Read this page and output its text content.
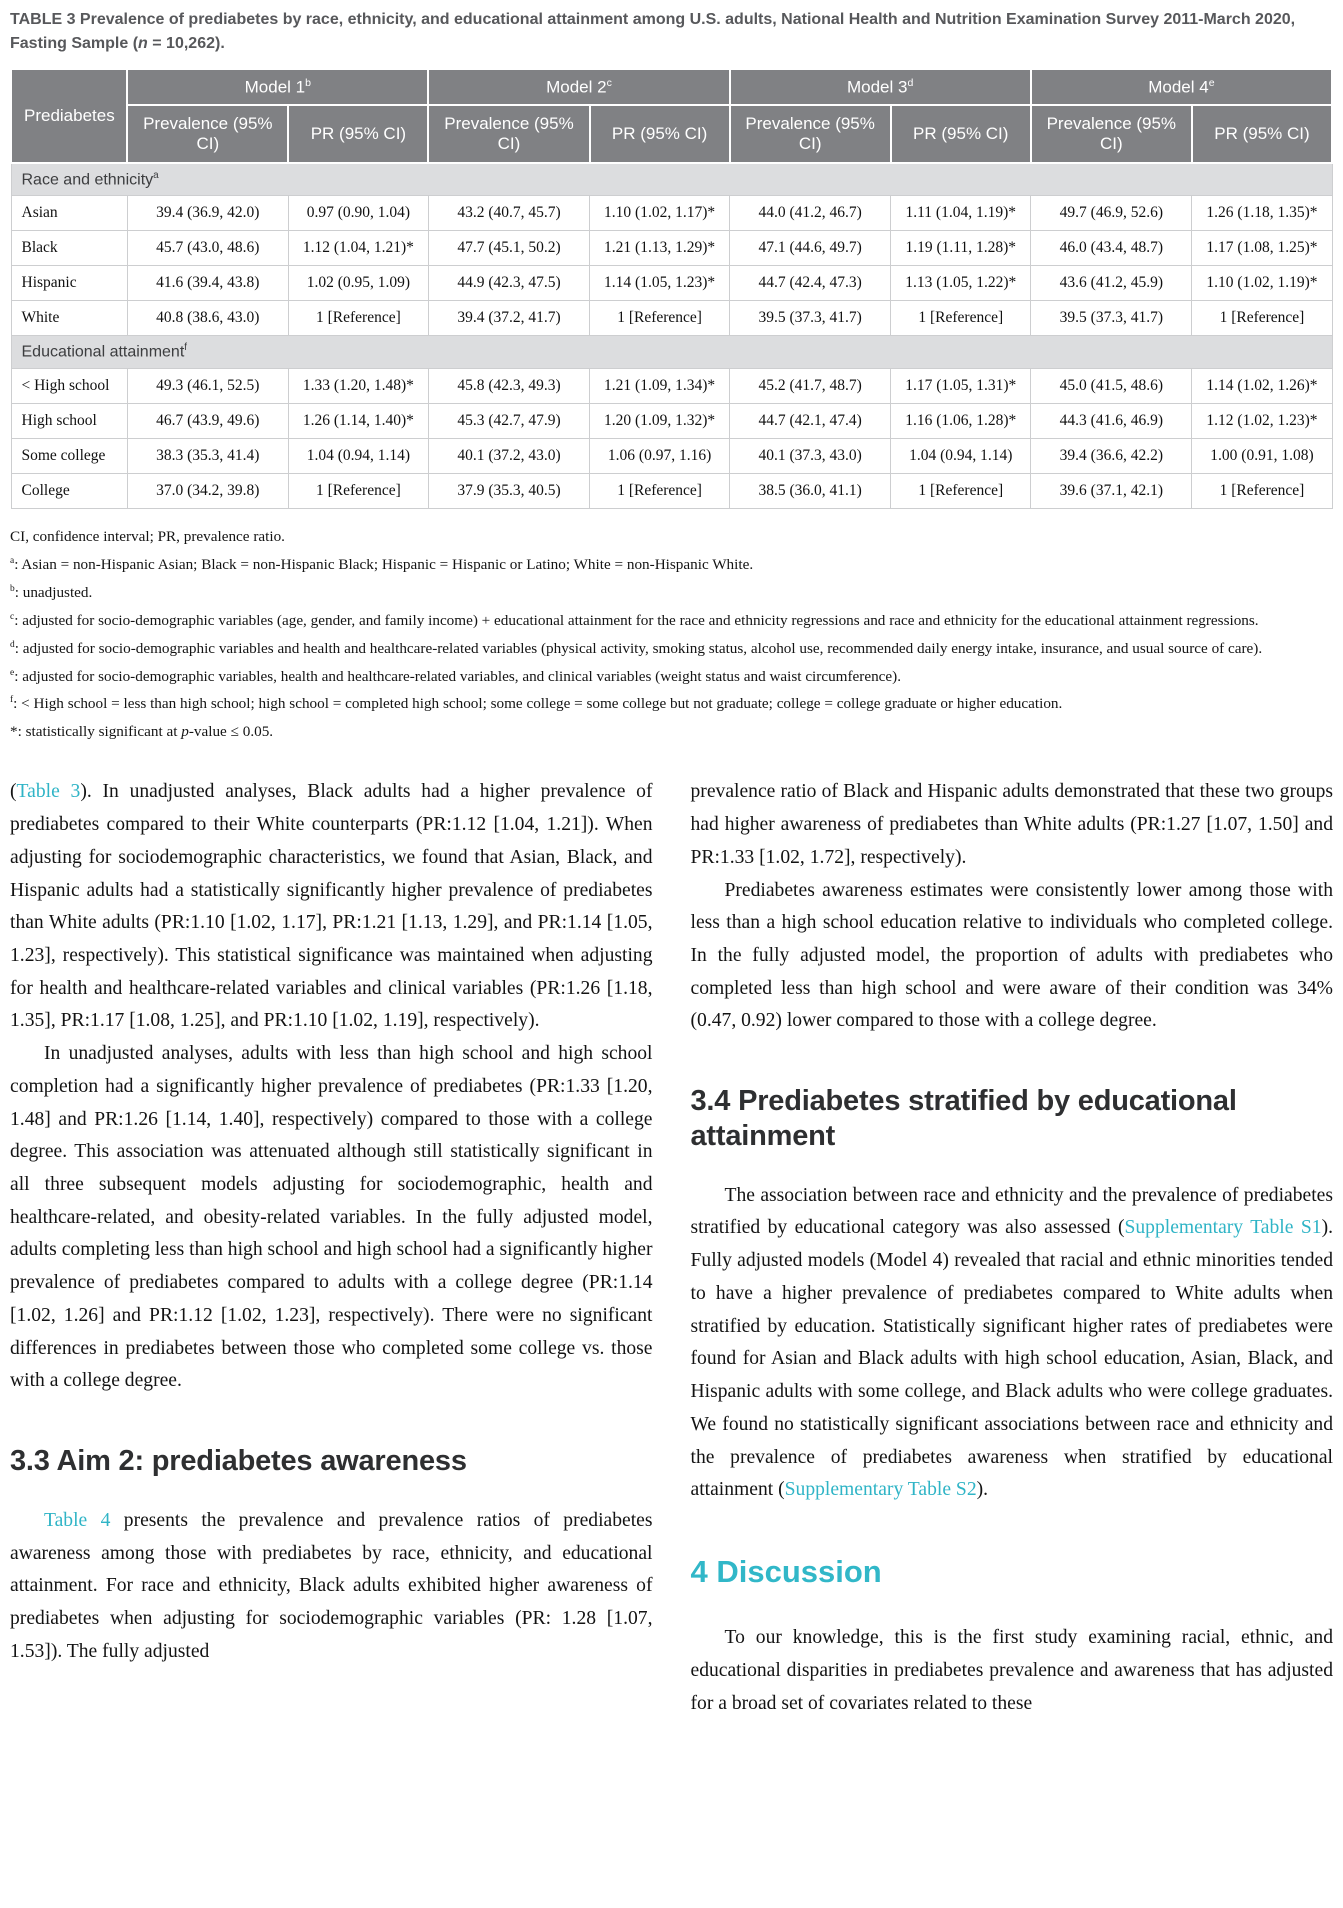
TABLE 3 Prevalence of prediabetes by race, ethnicity, and educational attainment among U.S. adults, National Health and Nutrition Examination Survey 2011-March 2020, Fasting Sample (n = 10,262).
Prediabetes	Model 1$^b$		Model 2$^c$		Model 3$^d$		Model 4e
	Prevalence (95% CI)	PR (95% CI)	Prevalence (95% CI)	PR (95% CI)	Prevalence (95% CI)	PR (95% CI)	Prevalence (95% CI)	PR (95% CI)
Race and ethnicity$^a$
Asian	39.4 (36.9, 42.0)	0.97 (0.90, 1.04)	43.2 (40.7, 45.7)	1.10 (1.02, 1.17)*	44.0 (41.2, 46.7)	1.11 (1.04, 1.19)*	49.7 (46.9, 52.6)	1.26 (1.18, 1.35)*
Black	45.7 (43.0, 48.6)	1.12 (1.04, 1.21)*	47.7 (45.1, 50.2)	1.21 (1.13, 1.29)*	47.1 (44.6, 49.7)	1.19 (1.11, 1.28)*	46.0 (43.4, 48.7)	1.17 (1.08, 1.25)*
Hispanic	41.6 (39.4, 43.8)	1.02 (0.95, 1.09)	44.9 (42.3, 47.5)	1.14 (1.05, 1.23)*	44.7 (42.4, 47.3)	1.13 (1.05, 1.22)*	43.6 (41.2, 45.9)	1.10 (1.02, 1.19)*
White	40.8 (38.6, 43.0)	1 [Reference]	39.4 (37.2, 41.7)	1 [Reference]	39.5 (37.3, 41.7)	1 [Reference]	39.5 (37.3, 41.7)	1 [Reference]
Educational attainment$^f$
< High school	49.3 (46.1, 52.5)	1.33 (1.20, 1.48)*	45.8 (42.3, 49.3)	1.21 (1.09, 1.34)*	45.2 (41.7, 48.7)	1.17 (1.05, 1.31)*	45.0 (41.5, 48.6)	1.14 (1.02, 1.26)*
High school	46.7 (43.9, 49.6)	1.26 (1.14, 1.40)*	45.3 (42.7, 47.9)	1.20 (1.09, 1.32)*	44.7 (42.1, 47.4)	1.16 (1.06, 1.28)*	44.3 (41.6, 46.9)	1.12 (1.02, 1.23)*
Some college	38.3 (35.3, 41.4)	1.04 (0.94, 1.14)	40.1 (37.2, 43.0)	1.06 (0.97, 1.16)	40.1 (37.3, 43.0)	1.04 (0.94, 1.14)	39.4 (36.6, 42.2)	1.00 (0.91, 1.08)
College	37.0 (34.2, 39.8)	1 [Reference]	37.9 (35.3, 40.5)	1 [Reference]	38.5 (36.0, 41.1)	1 [Reference]	39.6 (37.1, 42.1)	1 [Reference]
CI, confidence interval; PR, prevalence ratio.
$^a$: Asian = non-Hispanic Asian; Black = non-Hispanic Black; Hispanic = Hispanic or Latino; White = non-Hispanic White.
$^b$: unadjusted.
$^c$: adjusted for socio-demographic variables (age, gender, and family income) + educational attainment for the race and ethnicity regressions and race and ethnicity for the educational attainment regressions.
$^d$: adjusted for socio-demographic variables and health and healthcare-related variables (physical activity, smoking status, alcohol use, recommended daily energy intake, insurance, and usual source of care).
$^e$: adjusted for socio-demographic variables, health and healthcare-related variables, and clinical variables (weight status and waist circumference).
$^f$: < High school = less than high school; high school = completed high school; some college = some college but not graduate; college = college graduate or higher education.
*: statistically significant at p-value ≤ 0.05.

(Table 3). In unadjusted analyses, Black adults had a higher prevalence of prediabetes compared to their White counterparts (PR:1.12 [1.04, 1.21]). When adjusting for sociodemographic characteristics, we found that Asian, Black, and Hispanic adults had a statistically significantly higher prevalence of prediabetes than White adults (PR:1.10 [1.02, 1.17], PR:1.21 [1.13, 1.29], and PR:1.14 [1.05, 1.23], respectively). This statistical significance was maintained when adjusting for health and healthcare-related variables and clinical variables (PR:1.26 [1.18, 1.35], PR:1.17 [1.08, 1.25], and PR:1.10 [1.02, 1.19], respectively).

In unadjusted analyses, adults with less than high school and high school completion had a significantly higher prevalence of prediabetes (PR:1.33 [1.20, 1.48] and PR:1.26 [1.14, 1.40], respectively) compared to those with a college degree. This association was attenuated although still statistically significant in all three subsequent models adjusting for sociodemographic, health and healthcare-related, and obesity-related variables. In the fully adjusted model, adults completing less than high school and high school had a significantly higher prevalence of prediabetes compared to adults with a college degree (PR:1.14 [1.02, 1.26] and PR:1.12 [1.02, 1.23], respectively). There were no significant differences in prediabetes between those who completed some college vs. those with a college degree.

3.3 Aim 2: prediabetes awareness

Table 4 presents the prevalence and prevalence ratios of prediabetes awareness among those with prediabetes by race, ethnicity, and educational attainment. For race and ethnicity, Black adults exhibited higher awareness of prediabetes when adjusting for sociodemographic variables (PR: 1.28 [1.07, 1.53]). The fully adjusted

prevalence ratio of Black and Hispanic adults demonstrated that these two groups had higher awareness of prediabetes than White adults (PR:1.27 [1.07, 1.50] and PR:1.33 [1.02, 1.72], respectively).

Prediabetes awareness estimates were consistently lower among those with less than a high school education relative to individuals who completed college. In the fully adjusted model, the proportion of adults with prediabetes who completed less than high school and were aware of their condition was 34% (0.47, 0.92) lower compared to those with a college degree.

3.4 Prediabetes stratified by educational attainment

The association between race and ethnicity and the prevalence of prediabetes stratified by educational category was also assessed (Supplementary Table S1). Fully adjusted models (Model 4) revealed that racial and ethnic minorities tended to have a higher prevalence of prediabetes compared to White adults when stratified by education. Statistically significant higher rates of prediabetes were found for Asian and Black adults with high school education, Asian, Black, and Hispanic adults with some college, and Black adults who were college graduates. We found no statistically significant associations between race and ethnicity and the prevalence of prediabetes awareness when stratified by educational attainment (Supplementary Table S2).

4 Discussion

To our knowledge, this is the first study examining racial, ethnic, and educational disparities in prediabetes prevalence and awareness that has adjusted for a broad set of covariates related to these
